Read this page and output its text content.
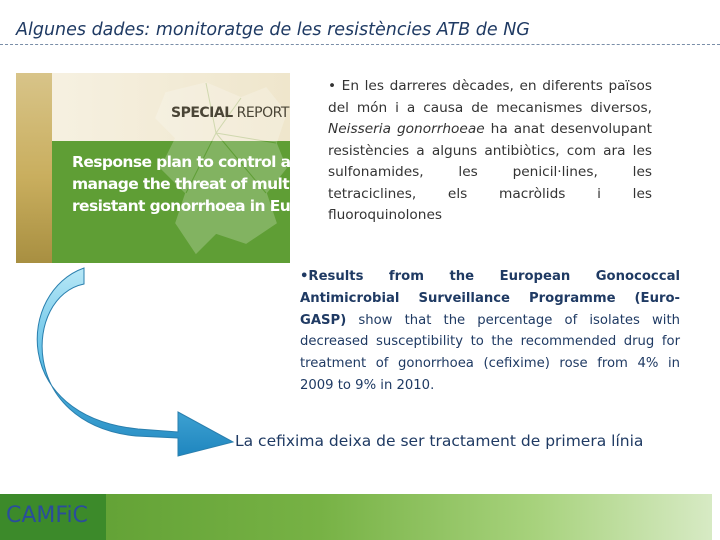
Algunes dades: monitoratge de les resistències ATB de NG
SPECIAL REPORT
Response plan to control and
manage the threat of multidrug-
resistant gonorrhoea in Europe
• En les darreres dècades, en diferents països del món i a causa de mecanismes diversos, Neisseria gonorrhoeae ha anat desenvolupant resistències a alguns antibiòtics, com ara les sulfonamides, les penicil·lines, les tetraciclines, els macròlids i les fluoroquinolones
•Results from the European Gonococcal Antimicrobial Surveillance Programme (Euro-GASP) show that the percentage of isolates with decreased susceptibility to the recommended drug for treatment of gonorrhoea (cefixime) rose from 4% in 2009 to 9% in 2010.
La cefixima deixa de ser tractament de primera línia
CAMFiC
